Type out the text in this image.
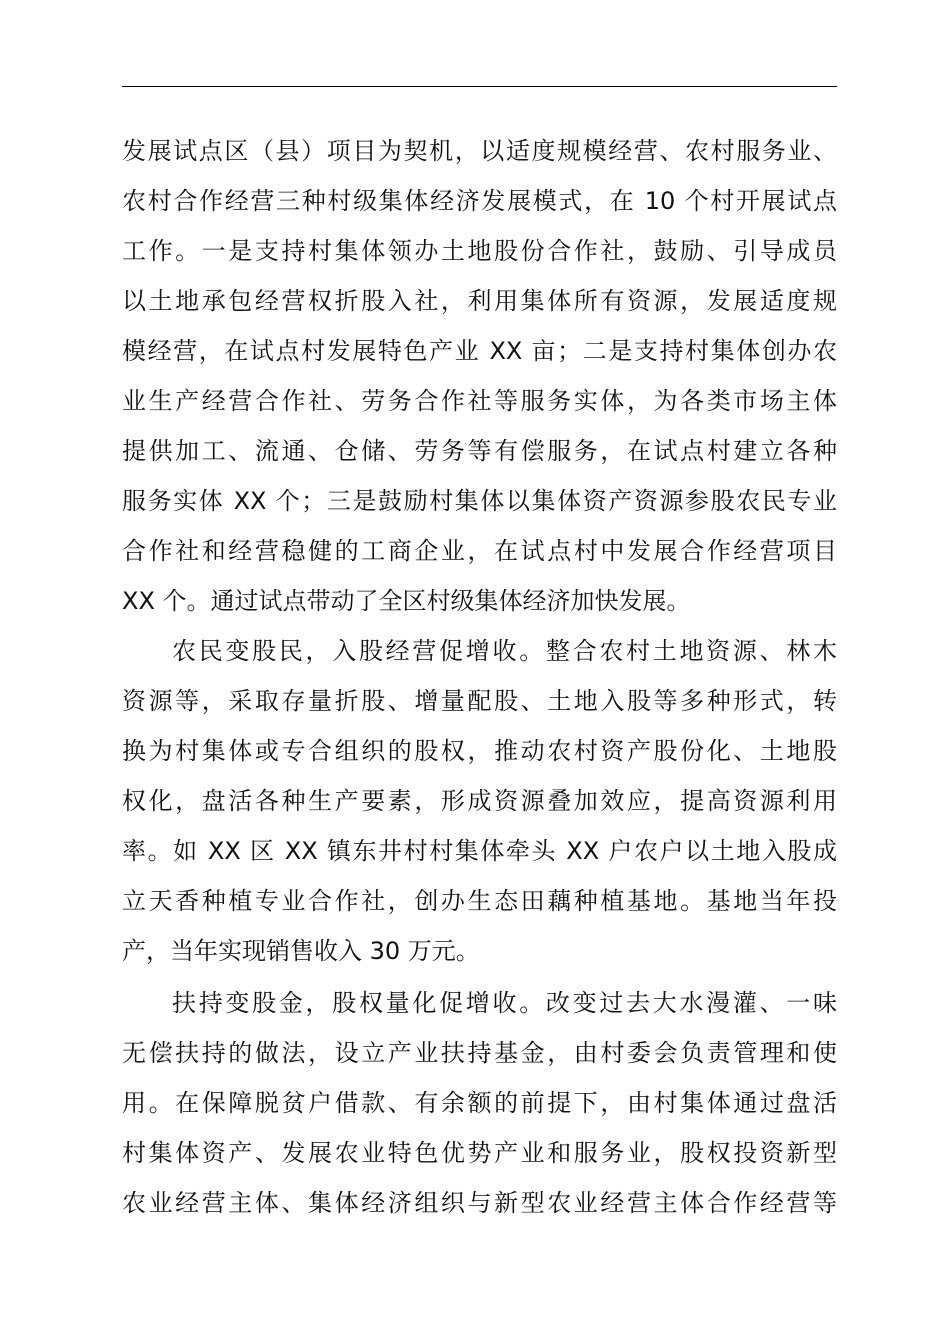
发展试点区（县）项目为契机，以适度规模经营、农村服务业、
农村合作经营三种村级集体经济发展模式，在 10 个村开展试点
工作。一是支持村集体领办土地股份合作社，鼓励、引导成员
以土地承包经营权折股入社，利用集体所有资源，发展适度规
模经营，在试点村发展特色产业 XX 亩；二是支持村集体创办农
业生产经营合作社、劳务合作社等服务实体，为各类市场主体
提供加工、流通、仓储、劳务等有偿服务，在试点村建立各种
服务实体 XX 个；三是鼓励村集体以集体资产资源参股农民专业
合作社和经营稳健的工商企业，在试点村中发展合作经营项目
XX 个。通过试点带动了全区村级集体经济加快发展。
农民变股民，入股经营促增收。整合农村土地资源、林木
资源等，采取存量折股、增量配股、土地入股等多种形式，转
换为村集体或专合组织的股权，推动农村资产股份化、土地股
权化，盘活各种生产要素，形成资源叠加效应，提高资源利用
率。如 XX 区 XX 镇东井村村集体牵头 XX 户农户以土地入股成
立天香种植专业合作社，创办生态田藕种植基地。基地当年投
产，当年实现销售收入 30 万元。
扶持变股金，股权量化促增收。改变过去大水漫灌、一味
无偿扶持的做法，设立产业扶持基金，由村委会负责管理和使
用。在保障脱贫户借款、有余额的前提下，由村集体通过盘活
村集体资产、发展农业特色优势产业和服务业，股权投资新型
农业经营主体、集体经济组织与新型农业经营主体合作经营等
